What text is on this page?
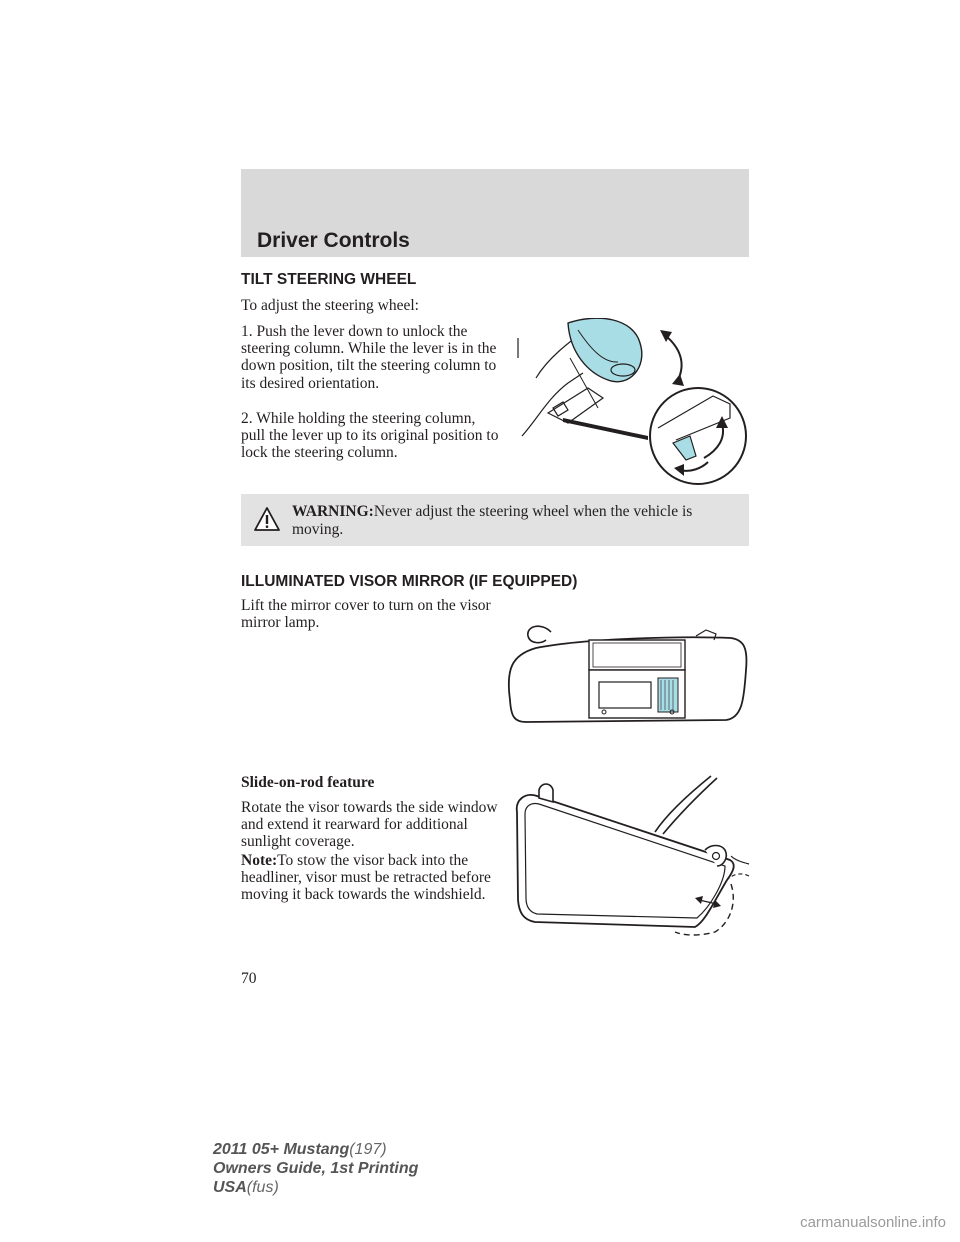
Driver Controls
TILT STEERING WHEEL

To adjust the steering wheel:

1. Push the lever down to unlock the steering column. While the lever is in the down position, tilt the steering column to its desired orientation.

2. While holding the steering column, pull the lever up to its original position to lock the steering column.

WARNING:Never adjust the steering wheel when the vehicle is moving.

ILLUMINATED VISOR MIRROR (IF EQUIPPED)

Lift the mirror cover to turn on the visor mirror lamp.

Slide-on-rod feature

Rotate the visor towards the side window and extend it rearward for additional sunlight coverage.

Note:To stow the visor back into the headliner, visor must be retracted before moving it back towards the windshield.

70
2011 05+ Mustang(197)
Owners Guide, 1st Printing
USA(fus)
carmanualsonline.info
